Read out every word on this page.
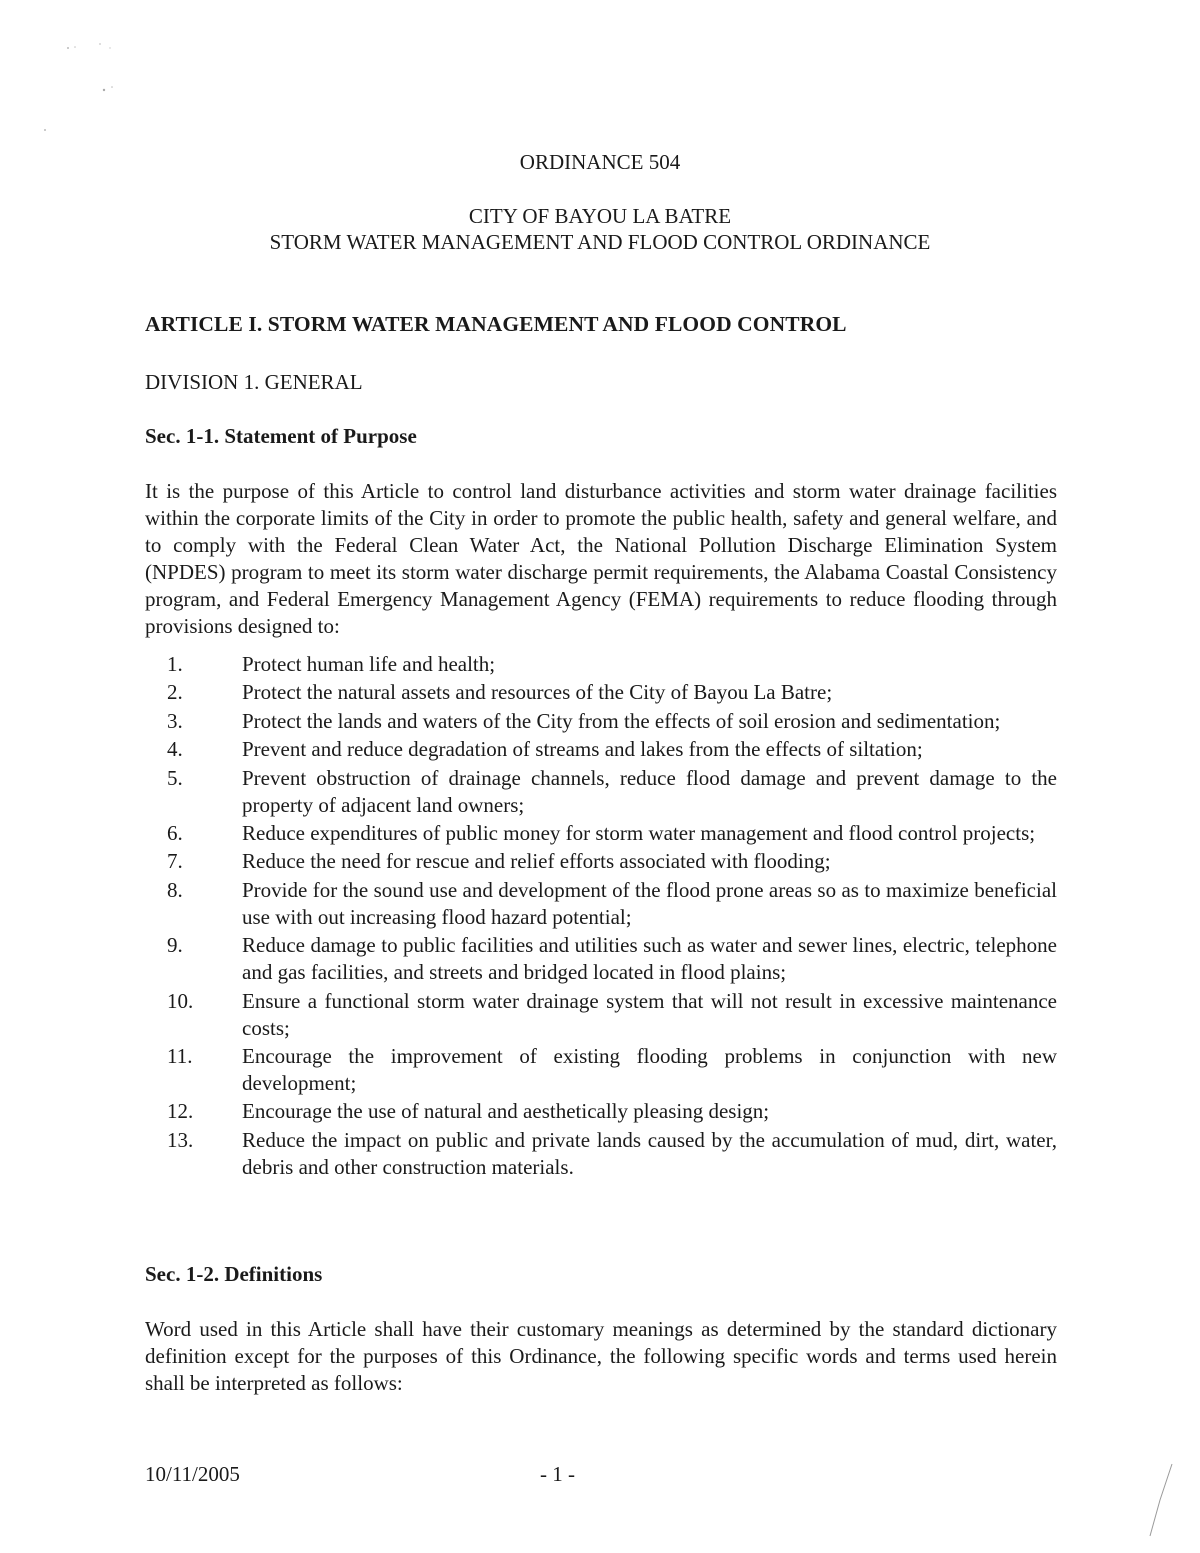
ORDINANCE 504
CITY OF BAYOU LA BATRE
STORM WATER MANAGEMENT AND FLOOD CONTROL ORDINANCE
ARTICLE I. STORM WATER MANAGEMENT AND FLOOD CONTROL
DIVISION 1. GENERAL
Sec. 1-1. Statement of Purpose

It is the purpose of this Article to control land disturbance activities and storm water drainage facilities within the corporate limits of the City in order to promote the public health, safety and general welfare, and to comply with the Federal Clean Water Act, the National Pollution Discharge Elimination System (NPDES) program to meet its storm water discharge permit requirements, the Alabama Coastal Consistency program, and Federal Emergency Management Agency (FEMA) requirements to reduce flooding through provisions designed to:

1.	Protect human life and health;
2.	Protect the natural assets and resources of the City of Bayou La Batre;
3.	Protect the lands and waters of the City from the effects of soil erosion and sedimentation;
4.	Prevent and reduce degradation of streams and lakes from the effects of siltation;
5.	Prevent obstruction of drainage channels, reduce flood damage and prevent damage to the property of adjacent land owners;
6.	Reduce expenditures of public money for storm water management and flood control projects;
7.	Reduce the need for rescue and relief efforts associated with flooding;
8.	Provide for the sound use and development of the flood prone areas so as to maximize beneficial use with out increasing flood hazard potential;
9.	Reduce damage to public facilities and utilities such as water and sewer lines, electric, telephone and gas facilities, and streets and bridged located in flood plains;
10.	Ensure a functional storm water drainage system that will not result in excessive maintenance costs;
11.	Encourage the improvement of existing flooding problems in conjunction with new development;
12.	Encourage the use of natural and aesthetically pleasing design;
13.	Reduce the impact on public and private lands caused by the accumulation of mud, dirt, water, debris and other construction materials.
Sec. 1-2. Definitions

Word used in this Article shall have their customary meanings as determined by the standard dictionary definition except for the purposes of this Ordinance, the following specific words and terms used herein shall be interpreted as follows:

10/11/2005	- 1 -
